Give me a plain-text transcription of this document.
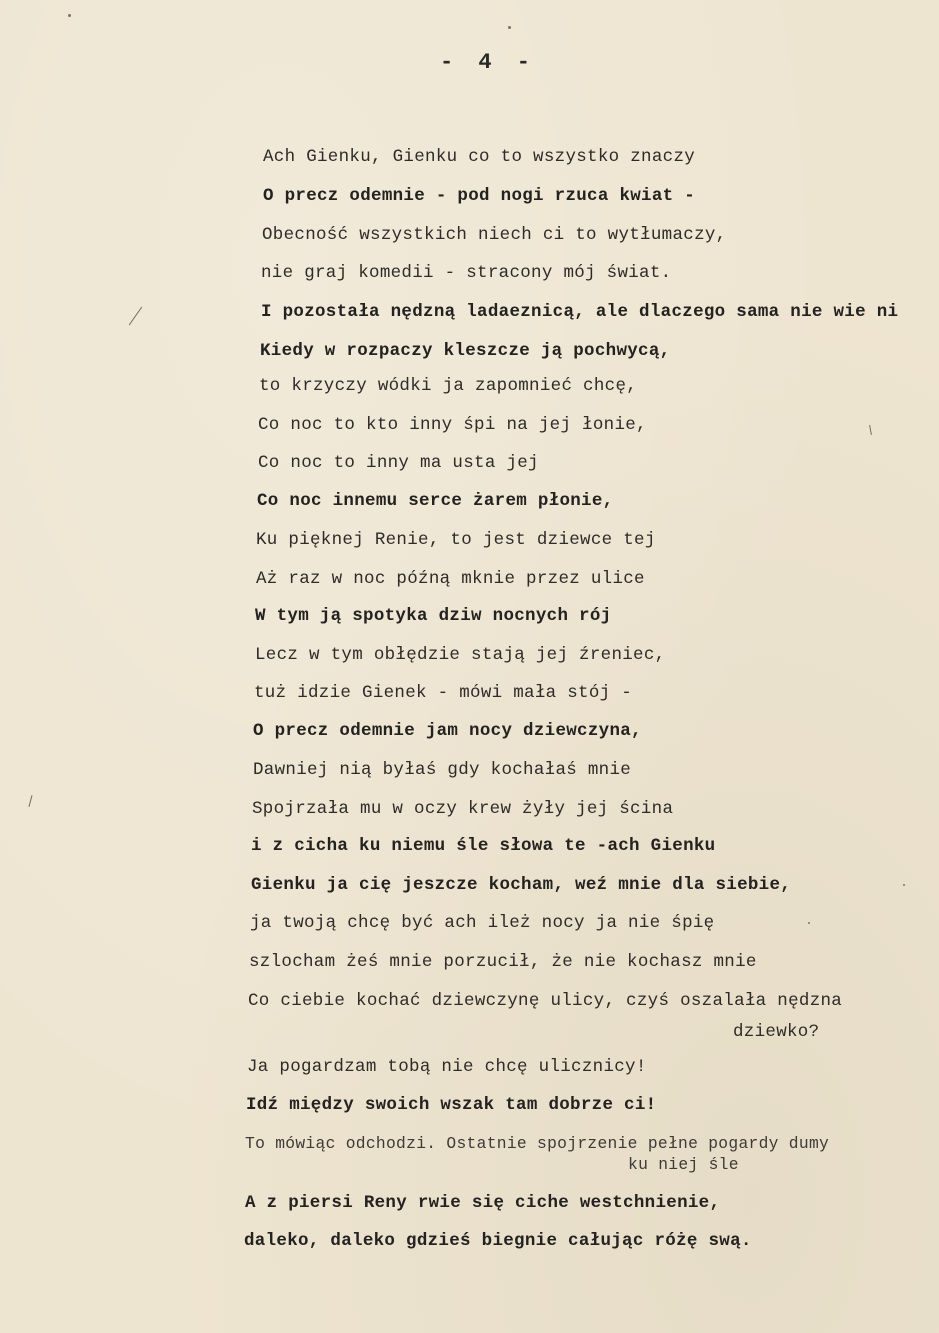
- 4 -
Ach Gienku, Gienku co to wszystko znaczy
O precz odemnie - pod nogi rzuca kwiat -
Obecność wszystkich niech ci to wytłumaczy,
nie graj komedii - stracony mój świat.
I pozostała nędzną ladaeznicą, ale dlaczego sama nie wie ni
Kiedy w rozpaczy kleszcze ją pochwycą,
to krzyczy wódki ja zapomnieć chcę,
Co noc to kto inny śpi na jej łonie,
Co noc to inny ma usta jej
Co noc innemu serce żarem płonie,
Ku pięknej Renie, to jest dziewce tej
Aż raz w noc późną mknie przez ulice
W tym ją spotyka dziw nocnych rój
Lecz w tym obłędzie stają jej źreniec,
tuż idzie Gienek - mówi mała stój -
O precz odemnie jam nocy dziewczyna,
Dawniej nią byłaś gdy kochałaś mnie
Spojrzała mu w oczy krew żyły jej ścina
i z cicha ku niemu śle słowa te -ach Gienku
Gienku ja cię jeszcze kocham, weź mnie dla siebie,
ja twoją chcę być ach ileż nocy ja nie śpię
szlocham żeś mnie porzucił, że nie kochasz mnie
Co ciebie kochać dziewczynę ulicy, czyś oszalała nędzna
dziewko?
Ja pogardzam tobą nie chcę ulicznicy!
Idź między swoich wszak tam dobrze ci!
To mówiąc odchodzi. Ostatnie spojrzenie pełne pogardy dumy
ku niej śle
A z piersi Reny rwie się ciche westchnienie,
daleko, daleko gdzieś biegnie całując różę swą.
